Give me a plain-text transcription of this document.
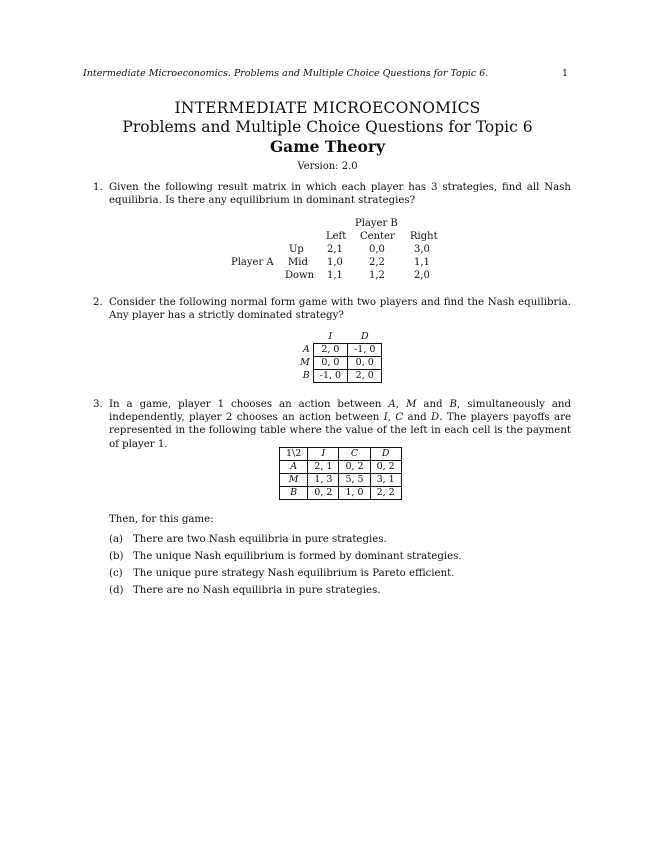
Intermediate Microeconomics. Problems and Multiple Choice Questions for Topic 6.	1
INTERMEDIATE MICROECONOMICS
Problems and Multiple Choice Questions for Topic 6
Game Theory
Version: 2.0
1. Given the following result matrix in which each player has 3 strategies, find all Nash equilibria. Is there any equilibrium in dominant strategies?
Player B
Left Center Right
Player A
Up 2,1	0,0	3,0
Mid 1,0	2,2	1,1
Down 1,1	1,2	2,0
2. Consider the following normal form game with two players and find the Nash equilibria. Any player has a strictly dominated strategy?
	I	D
A	2, 0	-1, 0
M	0, 0	0, 0
B	-1, 0	2, 0
3. In a game, player 1 chooses an action between A, M and B, simultaneously and independently, player 2 chooses an action between I, C and D. The players payoffs are represented in the following table where the value of the left in each cell is the payment of player 1.
1\2	I	C	D
A	2, 1	0, 2	0, 2
M	1, 3	5, 5	3, 1
B	0, 2	1, 0	2, 2
Then, for this game:
(a) There are two Nash equilibria in pure strategies.
(b) The unique Nash equilibrium is formed by dominant strategies.
(c) The unique pure strategy Nash equilibrium is Pareto efficient.
(d) There are no Nash equilibria in pure strategies.
